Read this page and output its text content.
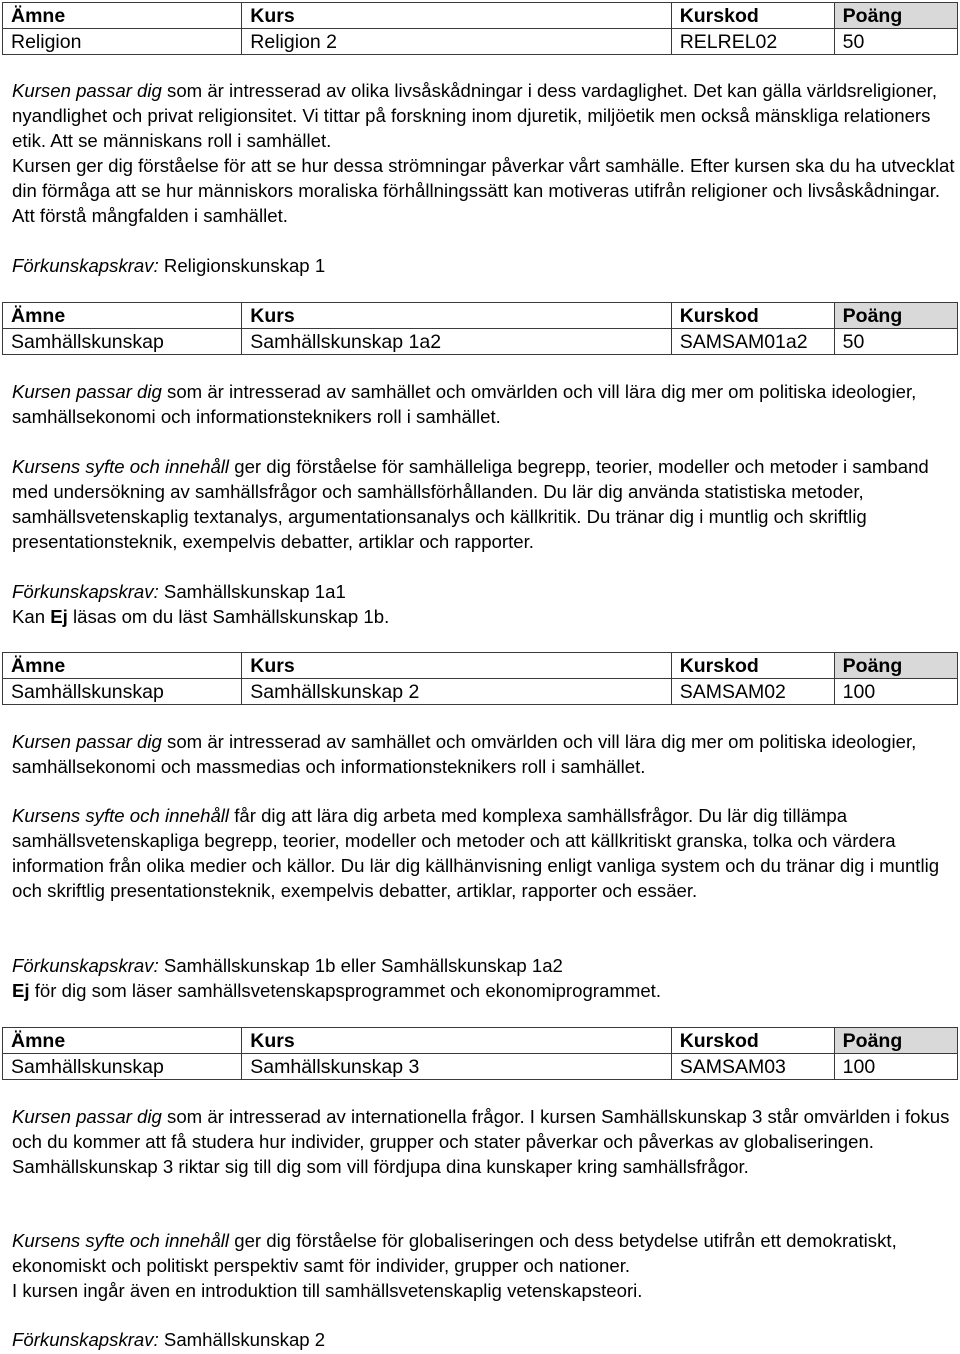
Ämne	Kurs	Kurskod	Poäng
Religion	Religion 2	RELREL02	50

Kursen passar dig som är intresserad av olika livsåskådningar i dess vardaglighet. Det kan gälla världsreligioner, nyandlighet och privat religionsitet. Vi tittar på forskning inom djuretik, miljöetik men också mänskliga relationers etik. Att se människans roll i samhället.

Kursen ger dig förståelse för att se hur dessa strömningar påverkar vårt samhälle. Efter kursen ska du ha utvecklat din förmåga att se hur människors moraliska förhållningssätt kan motiveras utifrån religioner och livsåskådningar. Att förstå mångfalden i samhället.

Förkunskapskrav: Religionskunskap 1

Ämne	Kurs	Kurskod	Poäng
Samhällskunskap	Samhällskunskap 1a2	SAMSAM01a2	50

Kursen passar dig som är intresserad av samhället och omvärlden och vill lära dig mer om politiska ideologier, samhällsekonomi och informationsteknikers roll i samhället.

Kursens syfte och innehåll ger dig förståelse för samhälleliga begrepp, teorier, modeller och metoder i samband med undersökning av samhällsfrågor och samhällsförhållanden. Du lär dig använda statistiska metoder, samhällsvetenskaplig textanalys, argumentationsanalys och källkritik. Du tränar dig i muntlig och skriftlig presentationsteknik, exempelvis debatter, artiklar och rapporter.

Förkunskapskrav: Samhällskunskap 1a1
Kan Ej läsas om du läst Samhällskunskap 1b.

Ämne	Kurs	Kurskod	Poäng
Samhällskunskap	Samhällskunskap 2	SAMSAM02	100

Kursen passar dig som är intresserad av samhället och omvärlden och vill lära dig mer om politiska ideologier, samhällsekonomi och massmedias och informationsteknikers roll i samhället.

Kursens syfte och innehåll får dig att lära dig arbeta med komplexa samhällsfrågor. Du lär dig tillämpa samhällsvetenskapliga begrepp, teorier, modeller och metoder och att källkritiskt granska, tolka och värdera information från olika medier och källor. Du lär dig källhänvisning enligt vanliga system och du tränar dig i muntlig och skriftlig presentationsteknik, exempelvis debatter, artiklar, rapporter och essäer.

Förkunskapskrav: Samhällskunskap 1b eller Samhällskunskap 1a2
Ej för dig som läser samhällsvetenskapsprogrammet och ekonomiprogrammet.

Ämne	Kurs	Kurskod	Poäng
Samhällskunskap	Samhällskunskap 3	SAMSAM03	100

Kursen passar dig som är intresserad av internationella frågor. I kursen Samhällskunskap 3 står omvärlden i fokus och du kommer att få studera hur individer, grupper och stater påverkar och påverkas av globaliseringen. Samhällskunskap 3 riktar sig till dig som vill fördjupa dina kunskaper kring samhällsfrågor.

Kursens syfte och innehåll ger dig förståelse för globaliseringen och dess betydelse utifrån ett demokratiskt, ekonomiskt och politiskt perspektiv samt för individer, grupper och nationer.
I kursen ingår även en introduktion till samhällsvetenskaplig vetenskapsteori.

Förkunskapskrav: Samhällskunskap 2
